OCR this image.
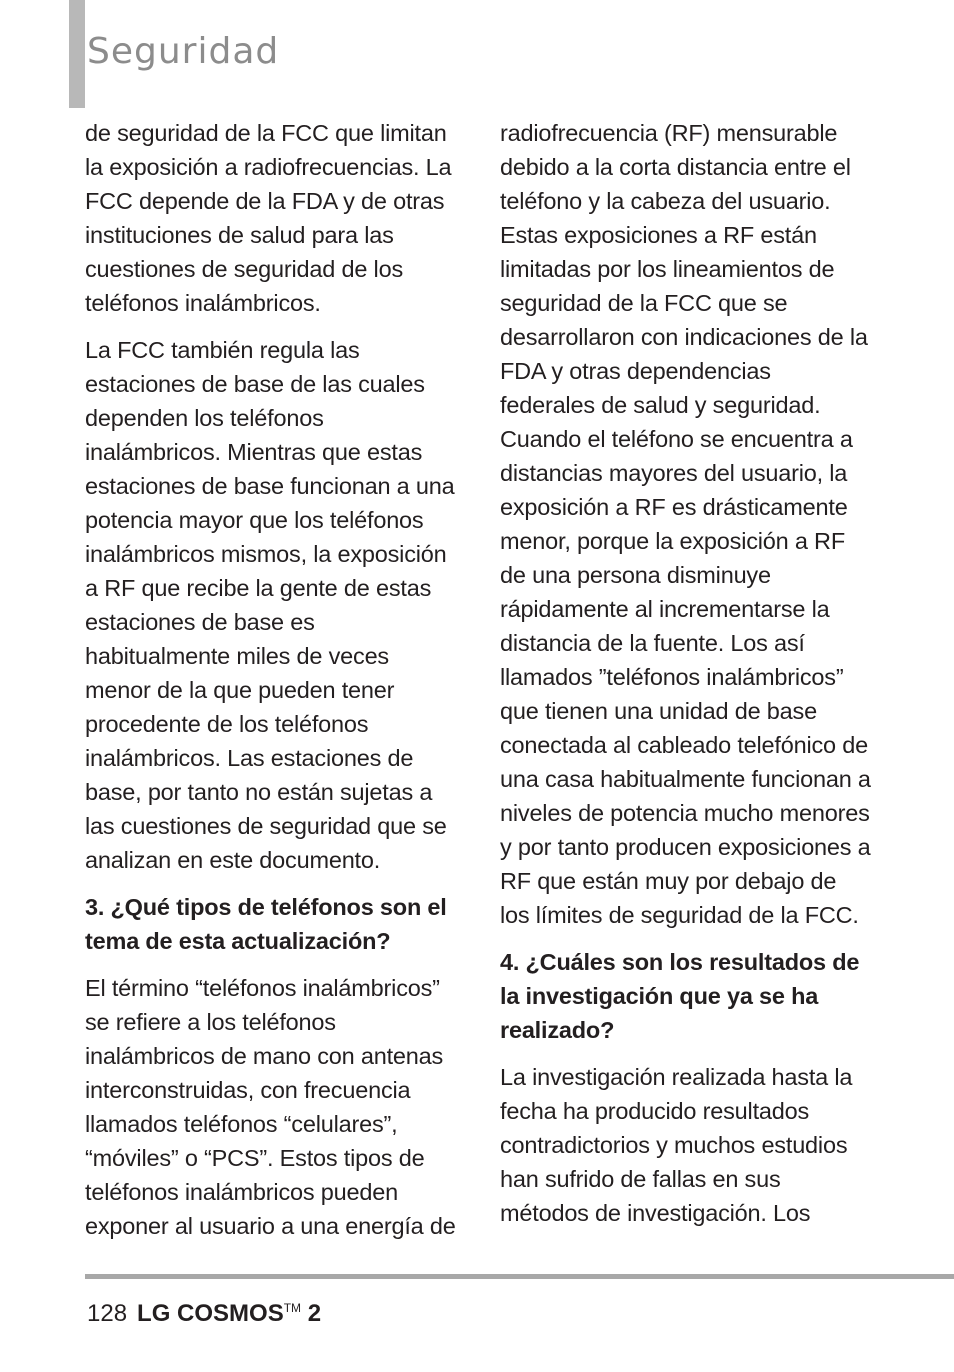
Seguridad

de seguridad de la FCC que limitan la exposición a radiofrecuencias. La FCC depende de la FDA y de otras instituciones de salud para las cuestiones de seguridad de los teléfonos inalámbricos.

La FCC también regula las estaciones de base de las cuales dependen los teléfonos inalámbricos. Mientras que estas estaciones de base funcionan a una potencia mayor que los teléfonos inalámbricos mismos, la exposición a RF que recibe la gente de estas estaciones de base es habitualmente miles de veces menor de la que pueden tener procedente de los teléfonos inalámbricos. Las estaciones de base, por tanto no están sujetas a las cuestiones de seguridad que se analizan en este documento.

3. ¿Qué tipos de teléfonos son el tema de esta actualización?

El término “teléfonos inalámbricos” se refiere a los teléfonos inalámbricos de mano con antenas interconstruidas, con frecuencia llamados teléfonos “celulares”, “móviles” o “PCS”. Estos tipos de teléfonos inalámbricos pueden exponer al usuario a una energía de

radiofrecuencia (RF) mensurable debido a la corta distancia entre el teléfono y la cabeza del usuario. Estas exposiciones a RF están limitadas por los lineamientos de seguridad de la FCC que se desarrollaron con indicaciones de la FDA y otras dependencias federales de salud y seguridad. Cuando el teléfono se encuentra a distancias mayores del usuario, la exposición a RF es drásticamente menor, porque la exposición a RF de una persona disminuye rápidamente al incrementarse la distancia de la fuente. Los así llamados ”teléfonos inalámbricos” que tienen una unidad de base conectada al cableado telefónico de una casa habitualmente funcionan a niveles de potencia mucho menores y por tanto producen exposiciones a RF que están muy por debajo de los límites de seguridad de la FCC.

4. ¿Cuáles son los resultados de la investigación que ya se ha realizado?

La investigación realizada hasta la fecha ha producido resultados contradictorios y muchos estudios han sufrido de fallas en sus métodos de investigación. Los

128 LG COSMOS™ 2
